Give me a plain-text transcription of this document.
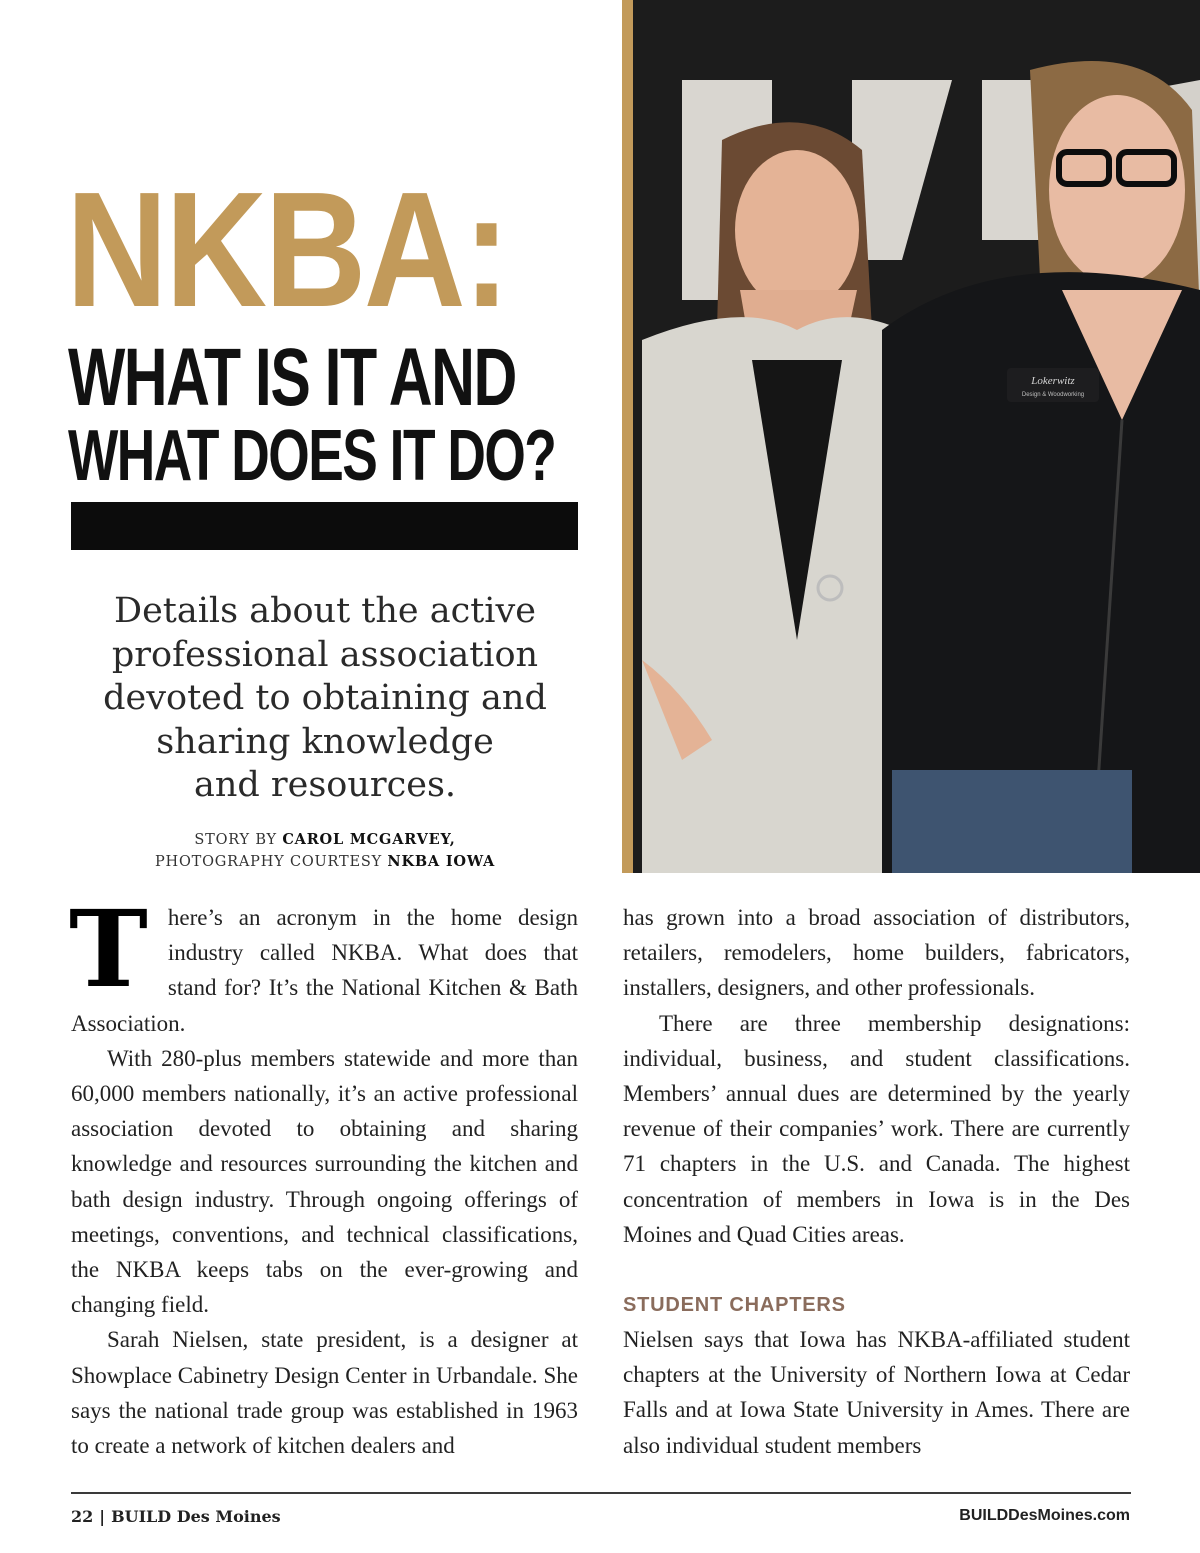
NKBA:
WHAT IS IT AND
WHAT DOES IT DO?

Details about the active
professional association
devoted to obtaining and
sharing knowledge
and resources.

STORY BY CAROL MCGARVEY,
PHOTOGRAPHY COURTESY NKBA IOWA
Lokerwitz
Design & Woodworking

There’s an acronym in the home design industry called NKBA. What does that stand for? It’s the National Kitchen & Bath Association.

With 280-plus members statewide and more than 60,000 members nationally, it’s an active professional association devoted to obtaining and sharing knowledge and resources surrounding the kitchen and bath design industry. Through ongoing offerings of meetings, conventions, and technical classifications, the NKBA keeps tabs on the ever-growing and changing field.

Sarah Nielsen, state president, is a designer at Showplace Cabinetry Design Center in Urbandale. She says the national trade group was established in 1963 to create a network of kitchen dealers and

has grown into a broad association of distributors, retailers, remodelers, home builders, fabricators, installers, designers, and other professionals.

There are three membership designations: individual, business, and student classifications. Members’ annual dues are determined by the yearly revenue of their companies’ work. There are currently 71 chapters in the U.S. and Canada. The highest concentration of members in Iowa is in the Des Moines and Quad Cities areas.

STUDENT CHAPTERS

Nielsen says that Iowa has NKBA-affiliated student chapters at the University of Northern Iowa at Cedar Falls and at Iowa State University in Ames. There are also individual student members

22 | BUILD Des Moines	BUILDDesMoines.com
